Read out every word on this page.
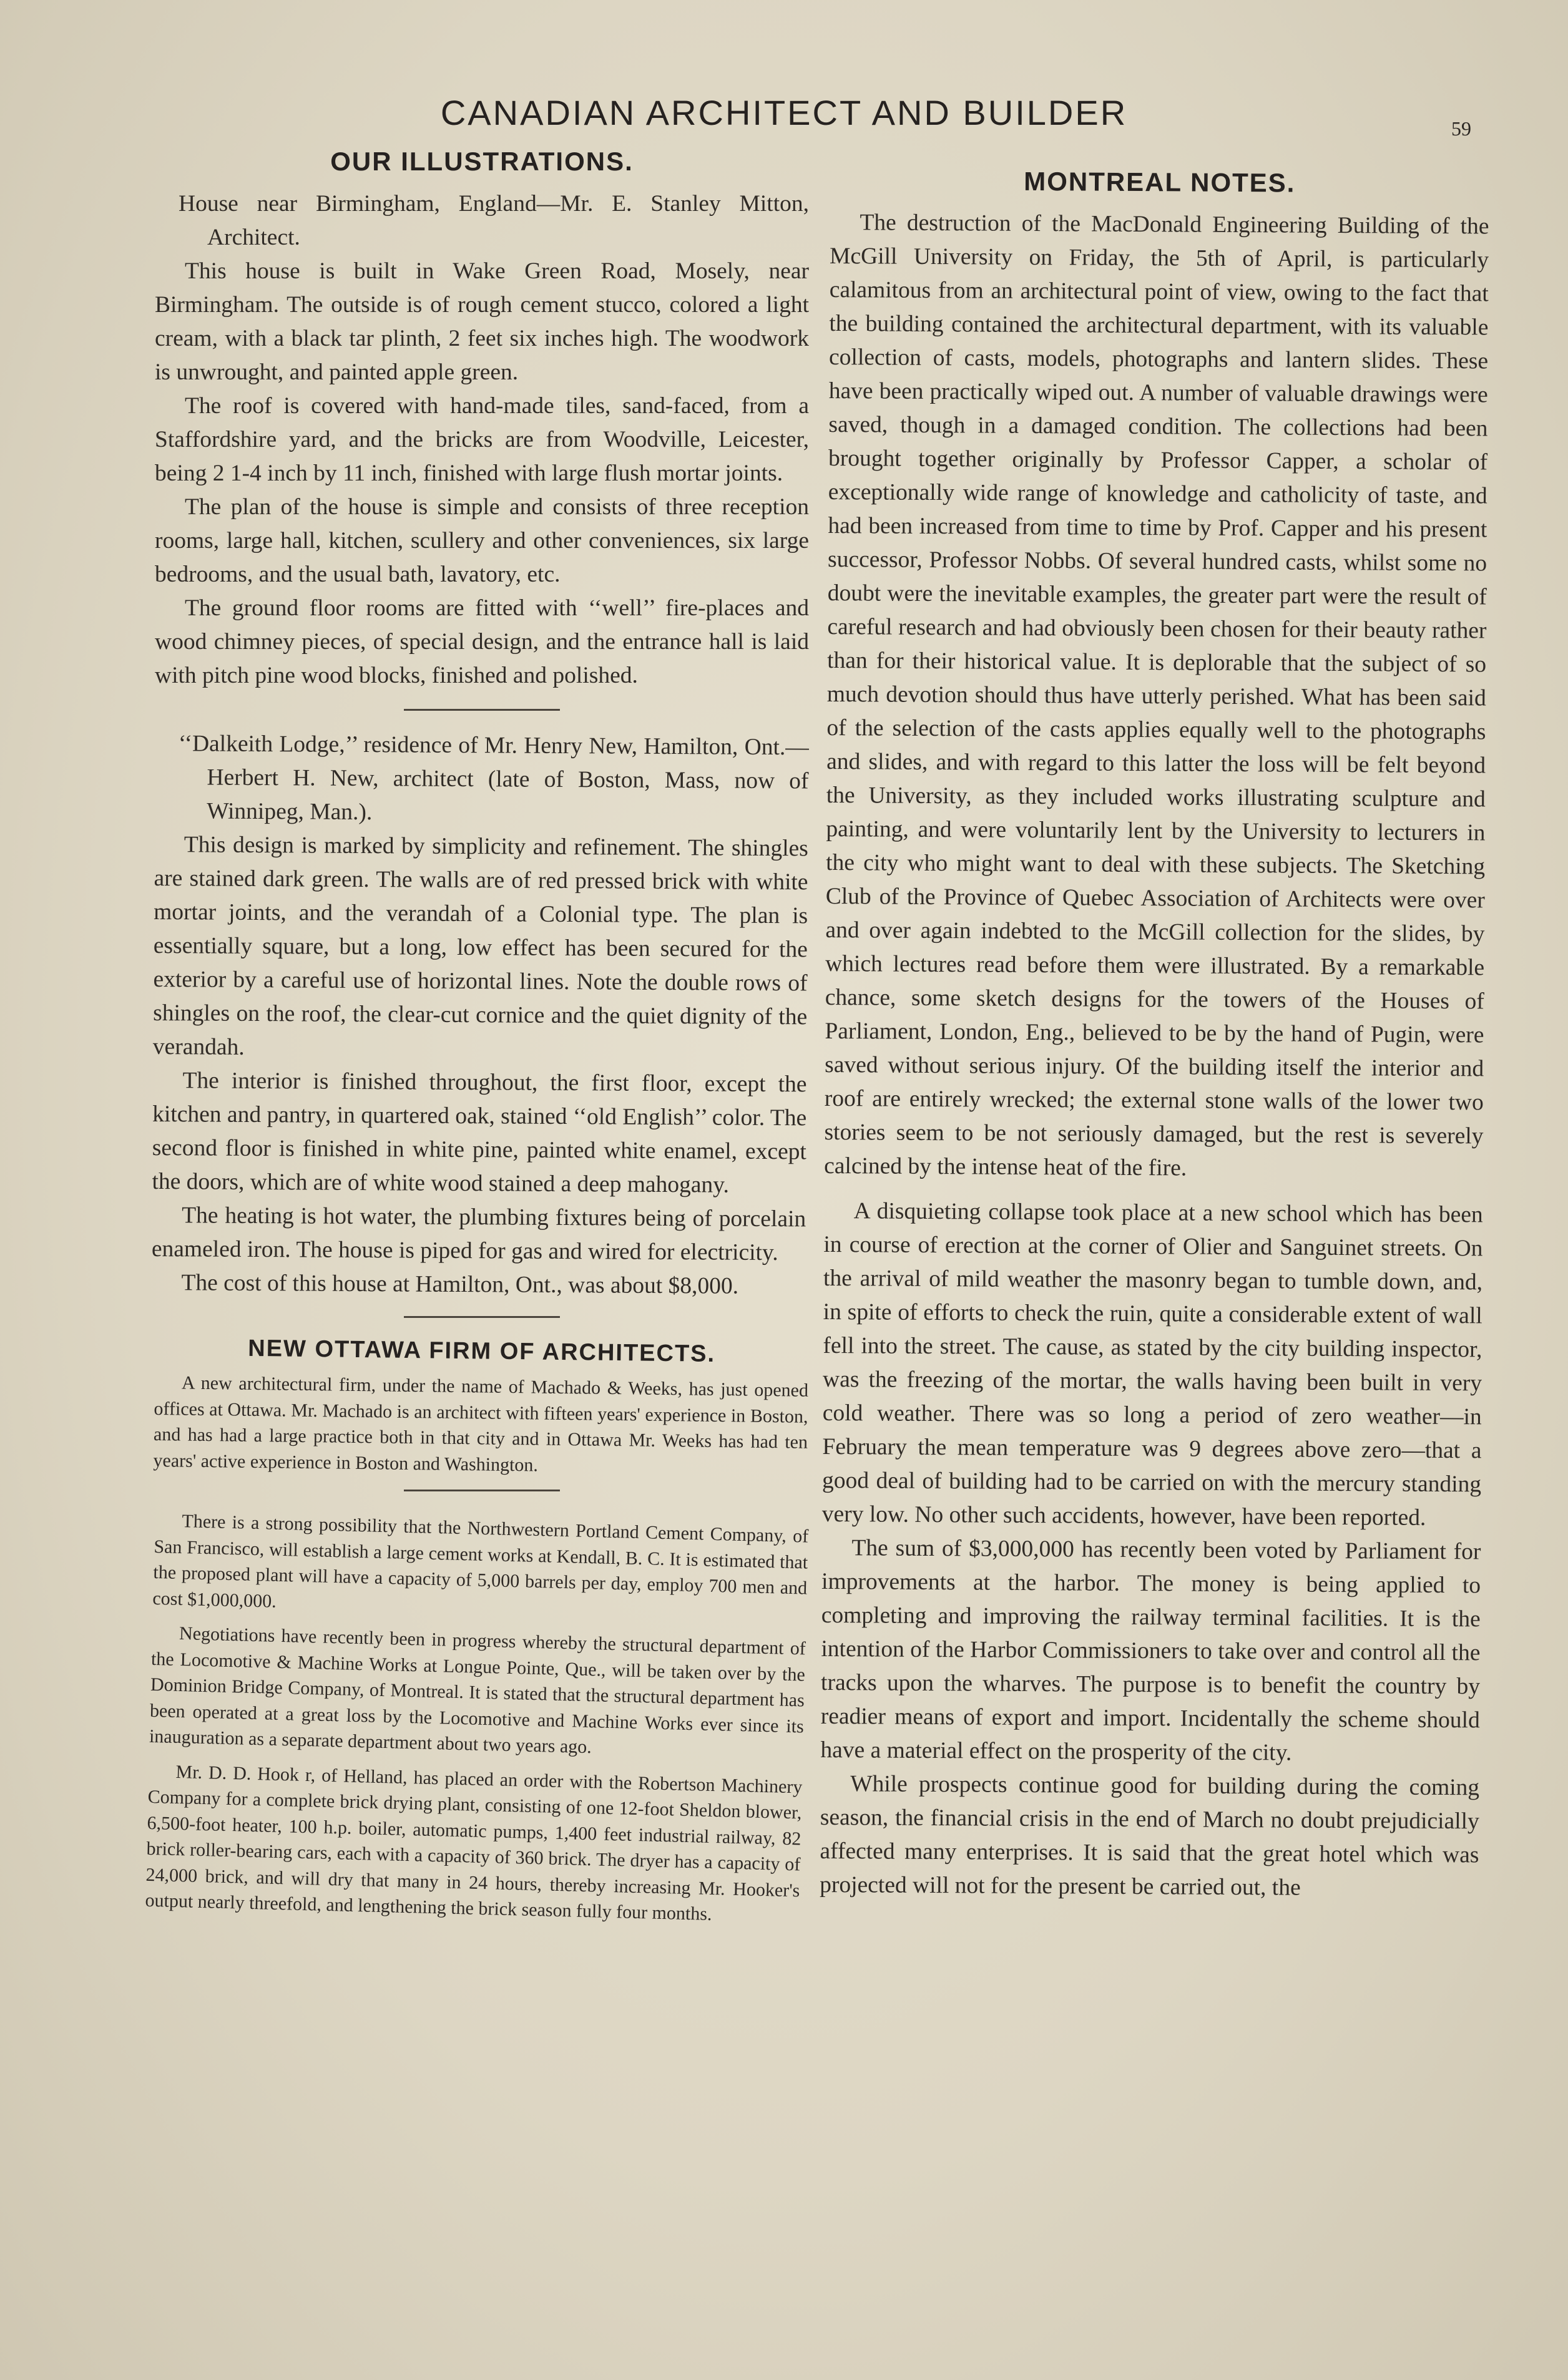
CANADIAN ARCHITECT AND BUILDER	59
OUR ILLUSTRATIONS.

House near Birmingham, England—Mr. E. Stanley Mitton, Architect.

This house is built in Wake Green Road, Mosely, near Birmingham. The outside is of rough cement stucco, colored a light cream, with a black tar plinth, 2 feet six inches high. The woodwork is unwrought, and painted apple green.

The roof is covered with hand-made tiles, sand-faced, from a Staffordshire yard, and the bricks are from Woodville, Leicester, being 2 1-4 inch by 11 inch, finished with large flush mortar joints.

The plan of the house is simple and consists of three reception rooms, large hall, kitchen, scullery and other conveniences, six large bedrooms, and the usual bath, lavatory, etc.

The ground floor rooms are fitted with ‘‘well’’ fire-places and wood chimney pieces, of special design, and the entrance hall is laid with pitch pine wood blocks, finished and polished.

‘‘Dalkeith Lodge,’’ residence of Mr. Henry New, Hamilton, Ont.—Herbert H. New, architect (late of Boston, Mass, now of Winnipeg, Man.).

This design is marked by simplicity and refinement. The shingles are stained dark green. The walls are of red pressed brick with white mortar joints, and the verandah of a Colonial type. The plan is essentially square, but a long, low effect has been secured for the exterior by a careful use of horizontal lines. Note the double rows of shingles on the roof, the clear-cut cornice and the quiet dignity of the verandah.

The interior is finished throughout, the first floor, except the kitchen and pantry, in quartered oak, stained ‘‘old English’’ color. The second floor is finished in white pine, painted white enamel, except the doors, which are of white wood stained a deep mahogany.

The heating is hot water, the plumbing fixtures being of porcelain enameled iron. The house is piped for gas and wired for electricity.

The cost of this house at Hamilton, Ont., was about $8,000.

NEW OTTAWA FIRM OF ARCHITECTS.

A new architectural firm, under the name of Machado & Weeks, has just opened offices at Ottawa. Mr. Machado is an architect with fifteen years' experience in Boston, and has had a large practice both in that city and in Ottawa Mr. Weeks has had ten years' active experience in Boston and Washington.

There is a strong possibility that the Northwestern Portland Cement Company, of San Francisco, will establish a large cement works at Kendall, B. C. It is estimated that the proposed plant will have a capacity of 5,000 barrels per day, employ 700 men and cost $1,000,000.

Negotiations have recently been in progress whereby the structural department of the Locomotive & Machine Works at Longue Pointe, Que., will be taken over by the Dominion Bridge Company, of Montreal. It is stated that the structural department has been operated at a great loss by the Locomotive and Machine Works ever since its inauguration as a separate department about two years ago.

Mr. D. D. Hook r, of Helland, has placed an order with the Robertson Machinery Company for a complete brick drying plant, consisting of one 12-foot Sheldon blower, 6,500-foot heater, 100 h.p. boiler, automatic pumps, 1,400 feet industrial railway, 82 brick roller-bearing cars, each with a capacity of 360 brick. The dryer has a capacity of 24,000 brick, and will dry that many in 24 hours, thereby increasing Mr. Hooker's output nearly threefold, and lengthening the brick season fully four months.

MONTREAL NOTES.

The destruction of the MacDonald Engineering Building of the McGill University on Friday, the 5th of April, is particularly calamitous from an architectural point of view, owing to the fact that the building contained the architectural department, with its valuable collection of casts, models, photographs and lantern slides. These have been practically wiped out. A number of valuable drawings were saved, though in a damaged condition. The collections had been brought together originally by Professor Capper, a scholar of exceptionally wide range of knowledge and catholicity of taste, and had been increased from time to time by Prof. Capper and his present successor, Professor Nobbs. Of several hundred casts, whilst some no doubt were the inevitable examples, the greater part were the result of careful research and had obviously been chosen for their beauty rather than for their historical value. It is deplorable that the subject of so much devotion should thus have utterly perished. What has been said of the selection of the casts applies equally well to the photographs and slides, and with regard to this latter the loss will be felt beyond the University, as they included works illustrating sculpture and painting, and were voluntarily lent by the University to lecturers in the city who might want to deal with these subjects. The Sketching Club of the Province of Quebec Association of Architects were over and over again indebted to the McGill collection for the slides, by which lectures read before them were illustrated. By a remarkable chance, some sketch designs for the towers of the Houses of Parliament, London, Eng., believed to be by the hand of Pugin, were saved without serious injury. Of the building itself the interior and roof are entirely wrecked; the external stone walls of the lower two stories seem to be not seriously damaged, but the rest is severely calcined by the intense heat of the fire.

A disquieting collapse took place at a new school which has been in course of erection at the corner of Olier and Sanguinet streets. On the arrival of mild weather the masonry began to tumble down, and, in spite of efforts to check the ruin, quite a considerable extent of wall fell into the street. The cause, as stated by the city building inspector, was the freezing of the mortar, the walls having been built in very cold weather. There was so long a period of zero weather—in February the mean temperature was 9 degrees above zero—that a good deal of building had to be carried on with the mercury standing very low. No other such accidents, however, have been reported.

The sum of $3,000,000 has recently been voted by Parliament for improvements at the harbor. The money is being applied to completing and improving the railway terminal facilities. It is the intention of the Harbor Commissioners to take over and control all the tracks upon the wharves. The purpose is to benefit the country by readier means of export and import. Incidentally the scheme should have a material effect on the prosperity of the city.

While prospects continue good for building during the coming season, the financial crisis in the end of March no doubt prejudicially affected many enterprises. It is said that the great hotel which was projected will not for the present be carried out, the
